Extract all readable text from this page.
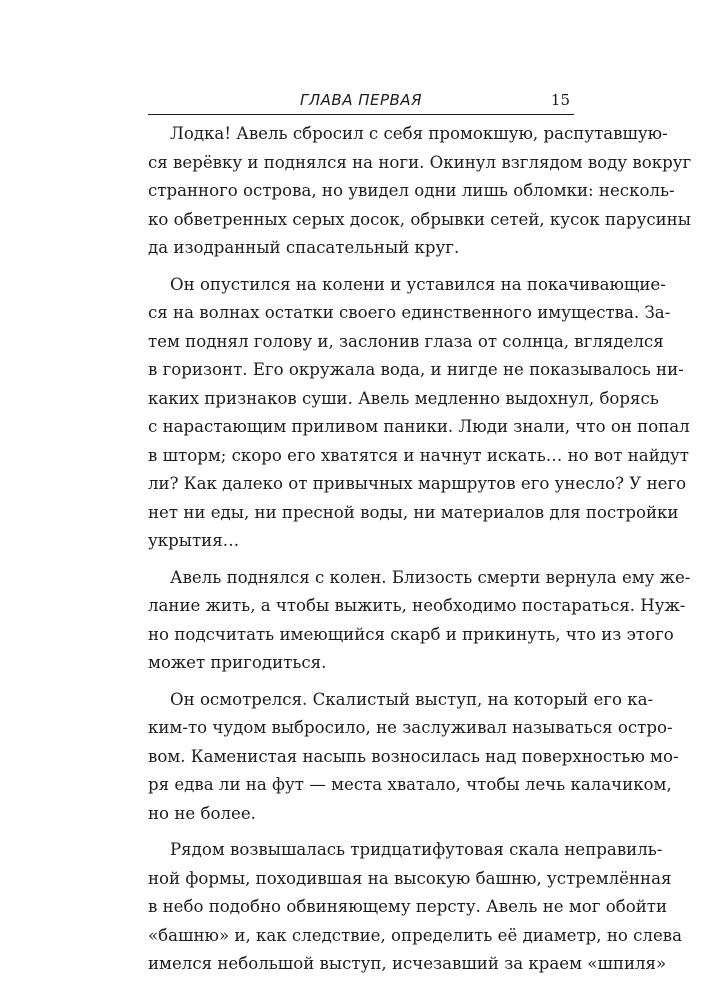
ГЛАВА ПЕРВАЯ	15

Лодка! Авель сбросил с себя промокшую, распутавшую-
ся верёвку и поднялся на ноги. Окинул взглядом воду вокруг
странного острова, но увидел одни лишь обломки: несколь-
ко обветренных серых досок, обрывки сетей, кусок парусины
да изодранный спасательный круг.

Он опустился на колени и уставился на покачивающие-
ся на волнах остатки своего единственного имущества. За-
тем поднял голову и, заслонив глаза от солнца, вгляделся
в горизонт. Его окружала вода, и нигде не показывалось ни-
каких признаков суши. Авель медленно выдохнул, борясь
с нарастающим приливом паники. Люди знали, что он попал
в шторм; скоро его хватятся и начнут искать… но вот найдут
ли? Как далеко от привычных маршрутов его унесло? У него
нет ни еды, ни пресной воды, ни материалов для постройки
укрытия…

Авель поднялся с колен. Близость смерти вернула ему же-
лание жить, а чтобы выжить, необходимо постараться. Нуж-
но подсчитать имеющийся скарб и прикинуть, что из этого
может пригодиться.

Он осмотрелся. Скалистый выступ, на который его ка-
ким-то чудом выбросило, не заслуживал называться остро-
вом. Каменистая насыпь возносилась над поверхностью мо-
ря едва ли на фут — места хватало, чтобы лечь калачиком,
но не более.

Рядом возвышалась тридцатифутовая скала неправиль-
ной формы, походившая на высокую башню, устремлённая
в небо подобно обвиняющему персту. Авель не мог обойти
«башню» и, как следствие, определить её диаметр, но слева
имелся небольшой выступ, исчезавший за краем «шпиля»
